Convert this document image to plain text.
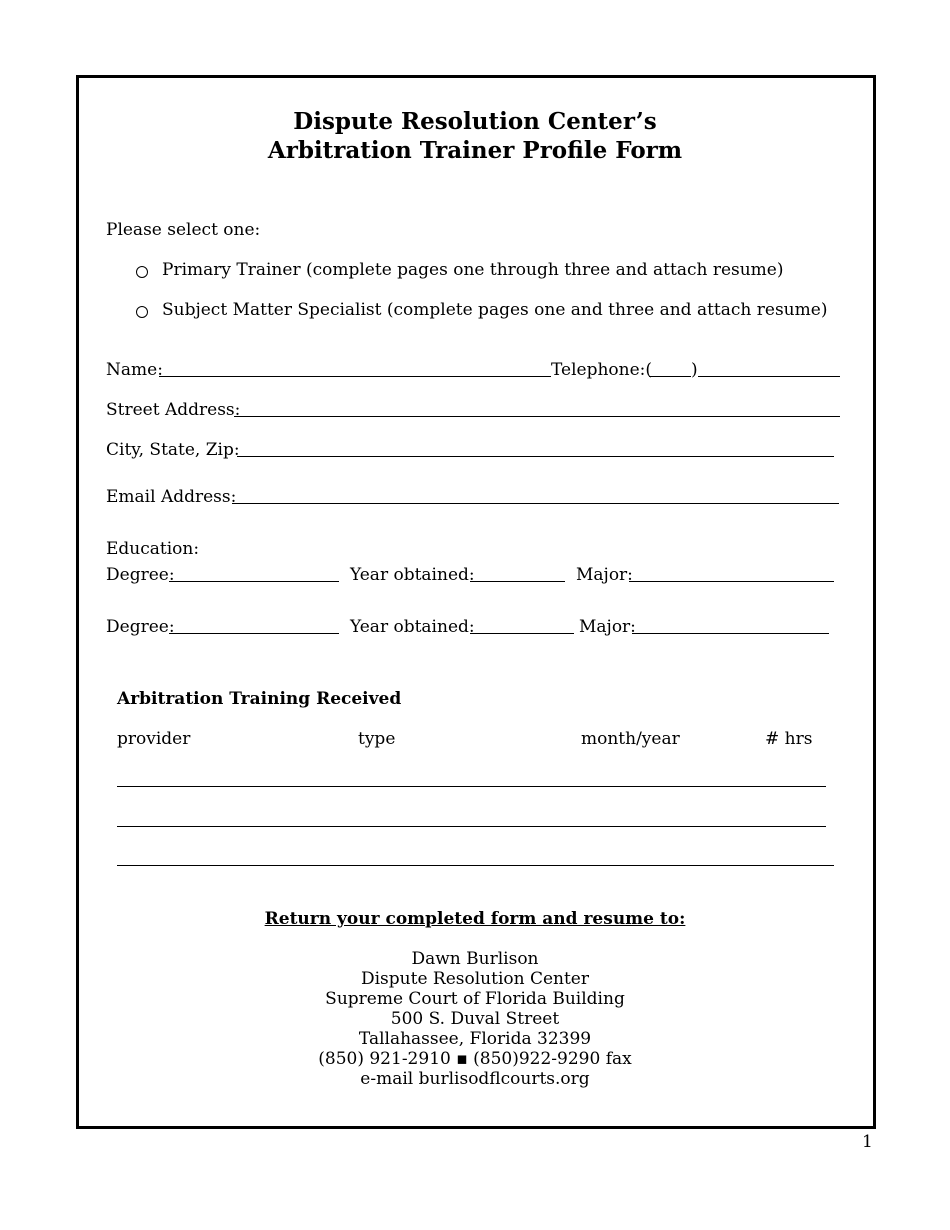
Dispute Resolution Center’s
Arbitration Trainer Profile Form
Please select one:
Primary Trainer (complete pages one through three and attach resume)
Subject Matter Specialist (complete pages one and three and attach resume)
Name:	Telephone:( )
Street Address:
City, State, Zip:
Email Address:
Education:
Degree:	Year obtained:	Major:
Degree:	Year obtained:	Major:
Arbitration Training Received
provider	type	month/year	# hrs
Return your completed form and resume to:
Dawn Burlison
Dispute Resolution Center
Supreme Court of Florida Building
500 S. Duval Street
Tallahassee, Florida 32399
(850) 921-2910 ▪ (850)922-9290 fax
e-mail burlisodflcourts.org
1
